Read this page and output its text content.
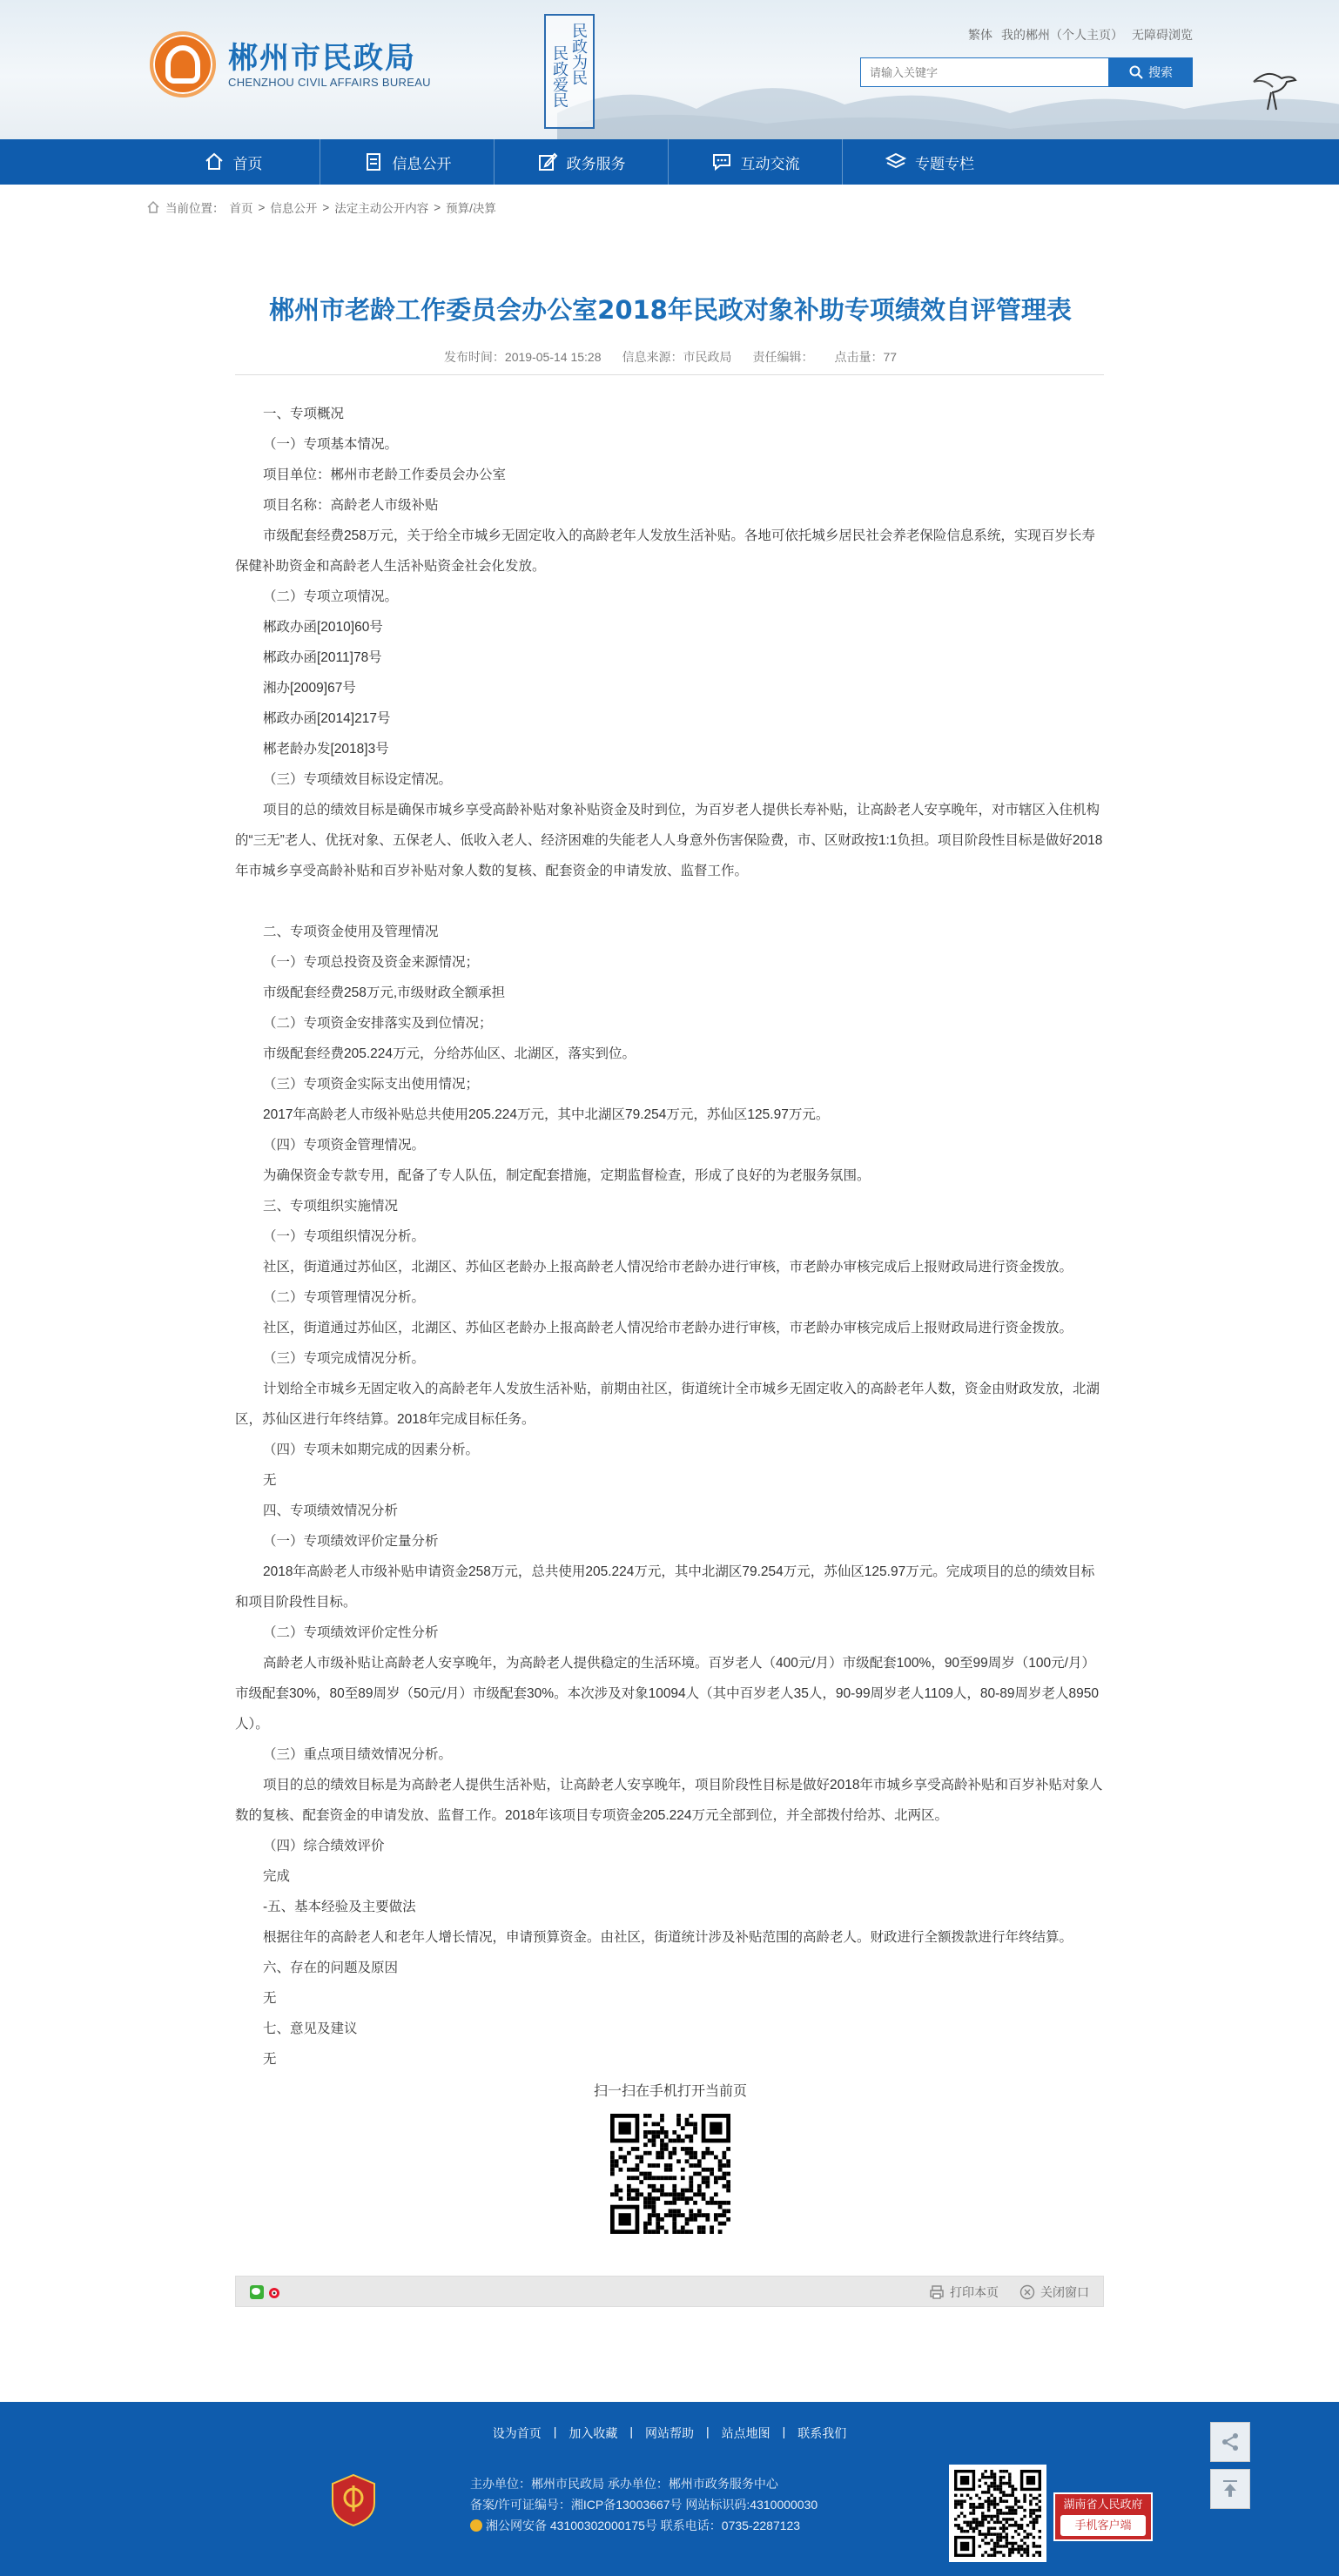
郴州市民政局
CHENZHOU CIVIL AFFAIRS BUREAU	民政为民
民政爱民
繁体 我的郴州（个人主页） 无障碍浏览
请输入关键字
搜索
首页	信息公开	政务服务	互动交流	专题专栏
当前位置： 首页 > 信息公开 > 法定主动公开内容 > 预算/决算
郴州市老龄工作委员会办公室2018年民政对象补助专项绩效自评管理表
发布时间：2019-05-14 15:28 信息来源：市民政局 责任编辑： 点击量：77

一、专项概况

（一）专项基本情况。

项目单位：郴州市老龄工作委员会办公室

项目名称：高龄老人市级补贴

市级配套经费258万元，关于给全市城乡无固定收入的高龄老年人发放生活补贴。各地可依托城乡居民社会养老保险信息系统，实现百岁长寿保健补助资金和高龄老人生活补贴资金社会化发放。

（二）专项立项情况。

郴政办函[2010]60号

郴政办函[2011]78号

湘办[2009]67号

郴政办函[2014]217号

郴老龄办发[2018]3号

（三）专项绩效目标设定情况。

项目的总的绩效目标是确保市城乡享受高龄补贴对象补贴资金及时到位，为百岁老人提供长寿补贴，让高龄老人安享晚年，对市辖区入住机构的“三无”老人、优抚对象、五保老人、低收入老人、经济困难的失能老人人身意外伤害保险费，市、区财政按1:1负担。项目阶段性目标是做好2018年市城乡享受高龄补贴和百岁补贴对象人数的复核、配套资金的申请发放、监督工作。

二、专项资金使用及管理情况

（一）专项总投资及资金来源情况；

市级配套经费258万元,市级财政全额承担

（二）专项资金安排落实及到位情况；

市级配套经费205.224万元，分给苏仙区、北湖区，落实到位。

（三）专项资金实际支出使用情况；

2017年高龄老人市级补贴总共使用205.224万元，其中北湖区79.254万元，苏仙区125.97万元。

（四）专项资金管理情况。

为确保资金专款专用，配备了专人队伍，制定配套措施，定期监督检查，形成了良好的为老服务氛围。

三、专项组织实施情况

（一）专项组织情况分析。

社区，街道通过苏仙区，北湖区、苏仙区老龄办上报高龄老人情况给市老龄办进行审核，市老龄办审核完成后上报财政局进行资金拨放。

（二）专项管理情况分析。

社区，街道通过苏仙区，北湖区、苏仙区老龄办上报高龄老人情况给市老龄办进行审核，市老龄办审核完成后上报财政局进行资金拨放。

（三）专项完成情况分析。

计划给全市城乡无固定收入的高龄老年人发放生活补贴，前期由社区，街道统计全市城乡无固定收入的高龄老年人数，资金由财政发放，北湖区，苏仙区进行年终结算。2018年完成目标任务。

（四）专项未如期完成的因素分析。

无

四、专项绩效情况分析

（一）专项绩效评价定量分析

2018年高龄老人市级补贴申请资金258万元，总共使用205.224万元，其中北湖区79.254万元，苏仙区125.97万元。完成项目的总的绩效目标和项目阶段性目标。

（二）专项绩效评价定性分析

高龄老人市级补贴让高龄老人安享晚年，为高龄老人提供稳定的生活环境。百岁老人（400元/月）市级配套100%，90至99周岁（100元/月）市级配套30%，80至89周岁（50元/月）市级配套30%。本次涉及对象10094人（其中百岁老人35人，90-99周岁老人1109人，80-89周岁老人8950人）。

（三）重点项目绩效情况分析。

项目的总的绩效目标是为高龄老人提供生活补贴，让高龄老人安享晚年，项目阶段性目标是做好2018年市城乡享受高龄补贴和百岁补贴对象人数的复核、配套资金的申请发放、监督工作。2018年该项目专项资金205.224万元全部到位，并全部拨付给苏、北两区。

（四）综合绩效评价

完成

-五、基本经验及主要做法

根据往年的高龄老人和老年人增长情况，申请预算资金。由社区，街道统计涉及补贴范围的高龄老人。财政进行全额拨款进行年终结算。

六、存在的问题及原因

无

七、意见及建议

无

扫一扫在手机打开当前页
打印本页	关闭窗口
设为首页 | 加入收藏 | 网站帮助 | 站点地图 | 联系我们
主办单位：郴州市民政局 承办单位：郴州市政务服务中心
备案/许可证编号：湘ICP备13003667号 网站标识码:4310000030
湘公网安备 43100302000175号 联系电话：0735-2287123
湖南省人民政府
手机客户端
